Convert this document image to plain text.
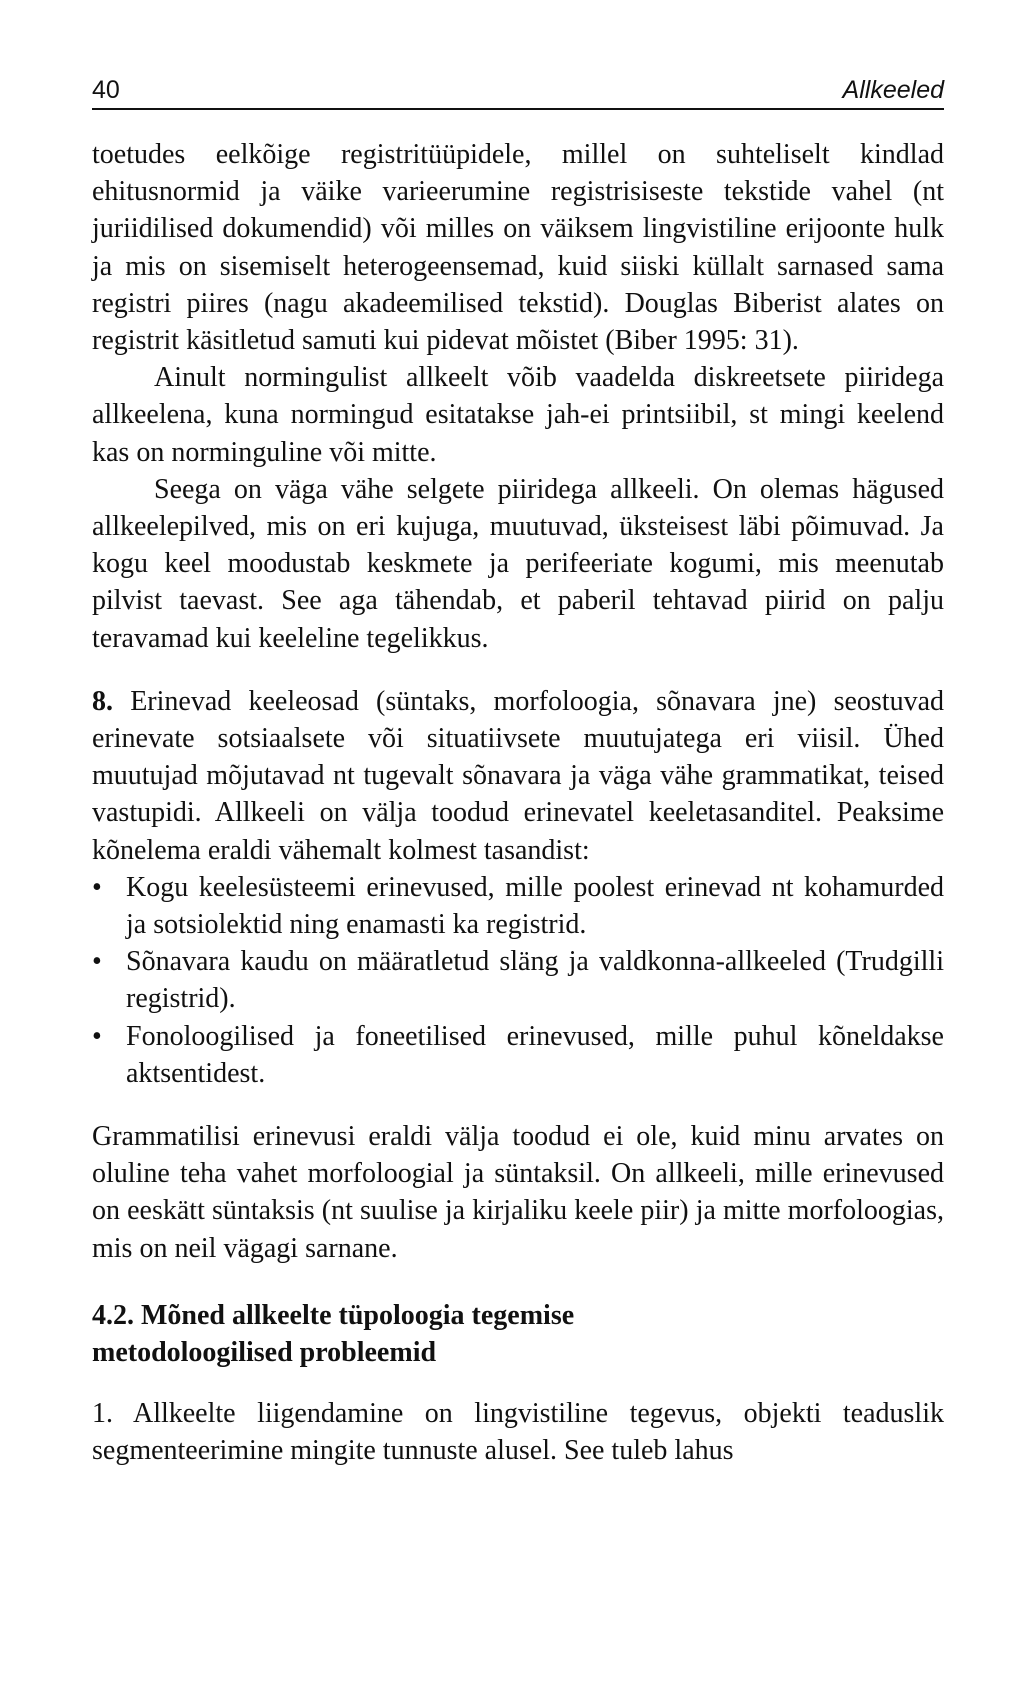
40	Allkeeled

toetudes eelkõige registritüüpidele, millel on suhteliselt kindlad ehitusnormid ja väike varieerumine registrisiseste tekstide vahel (nt juriidilised dokumendid) või milles on väiksem lingvistiline erijoonte hulk ja mis on sisemiselt heterogeensemad, kuid siiski küllalt sarnased sama registri piires (nagu akadeemilised tekstid). Douglas Biberist alates on registrit käsitletud samuti kui pidevat mõistet (Biber 1995: 31).

Ainult normingulist allkeelt võib vaadelda diskreetsete piiridega allkeelena, kuna normingud esitatakse jah-ei printsiibil, st mingi keelend kas on norminguline või mitte.

Seega on väga vähe selgete piiridega allkeeli. On olemas hägused allkeelepilved, mis on eri kujuga, muutuvad, üksteisest läbi põimuvad. Ja kogu keel moodustab keskmete ja perifeeriate kogumi, mis meenutab pilvist taevast. See aga tähendab, et paberil tehtavad piirid on palju teravamad kui keeleline tegelikkus.

8. Erinevad keeleosad (süntaks, morfoloogia, sõnavara jne) seostuvad erinevate sotsiaalsete või situatiivsete muutujatega eri viisil. Ühed muutujad mõjutavad nt tugevalt sõnavara ja väga vähe grammatikat, teised vastupidi. Allkeeli on välja toodud erinevatel keeletasanditel. Peaksime kõnelema eraldi vähemalt kolmest tasandist:

• Kogu keelesüsteemi erinevused, mille poolest erinevad nt kohamurded ja sotsiolektid ning enamasti ka registrid.
• Sõnavara kaudu on määratletud släng ja valdkonna-allkeeled (Trudgilli registrid).
• Fonoloogilised ja foneetilised erinevused, mille puhul kõneldakse aktsentidest.

Grammatilisi erinevusi eraldi välja toodud ei ole, kuid minu arvates on oluline teha vahet morfoloogial ja süntaksil. On allkeeli, mille erinevused on eeskätt süntaksis (nt suulise ja kirjaliku keele piir) ja mitte morfoloogias, mis on neil vägagi sarnane.

4.2. Mõned allkeelte tüpoloogia tegemise
metodoloogilised probleemid

1. Allkeelte liigendamine on lingvistiline tegevus, objekti teaduslik segmenteerimine mingite tunnuste alusel. See tuleb lahus
